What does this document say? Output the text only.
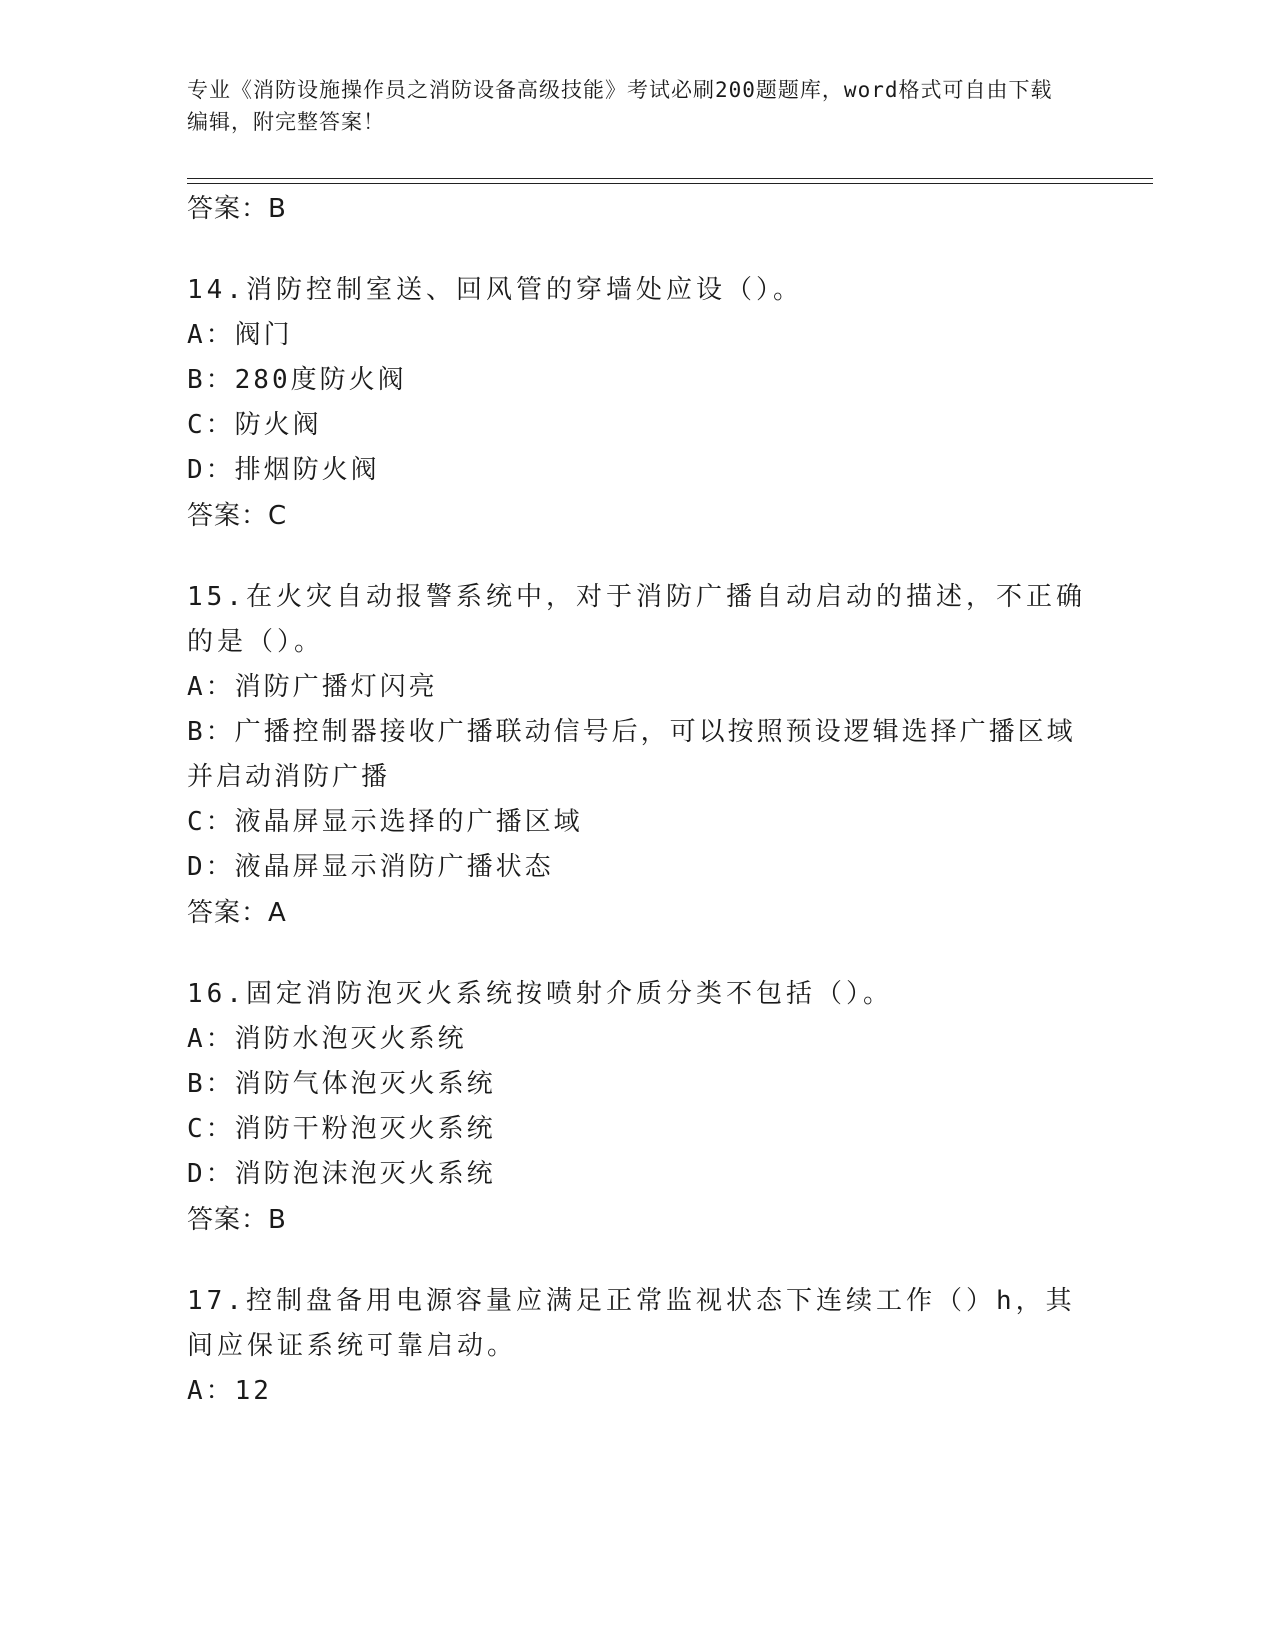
专业《消防设施操作员之消防设备高级技能》考试必刷200题题库，word格式可自由下载编辑，附完整答案！
答案：B
14.消防控制室送、回风管的穿墙处应设（）。
A：阀门
B：280度防火阀
C：防火阀
D：排烟防火阀
答案：C
15.在火灾自动报警系统中，对于消防广播自动启动的描述，不正确的是（）。
A：消防广播灯闪亮
B：广播控制器接收广播联动信号后，可以按照预设逻辑选择广播区域并启动消防广播
C：液晶屏显示选择的广播区域
D：液晶屏显示消防广播状态
答案：A
16.固定消防泡灭火系统按喷射介质分类不包括（）。
A：消防水泡灭火系统
B：消防气体泡灭火系统
C：消防干粉泡灭火系统
D：消防泡沫泡灭火系统
答案：B
17.控制盘备用电源容量应满足正常监视状态下连续工作（）h，其间应保证系统可靠启动。
A：12
